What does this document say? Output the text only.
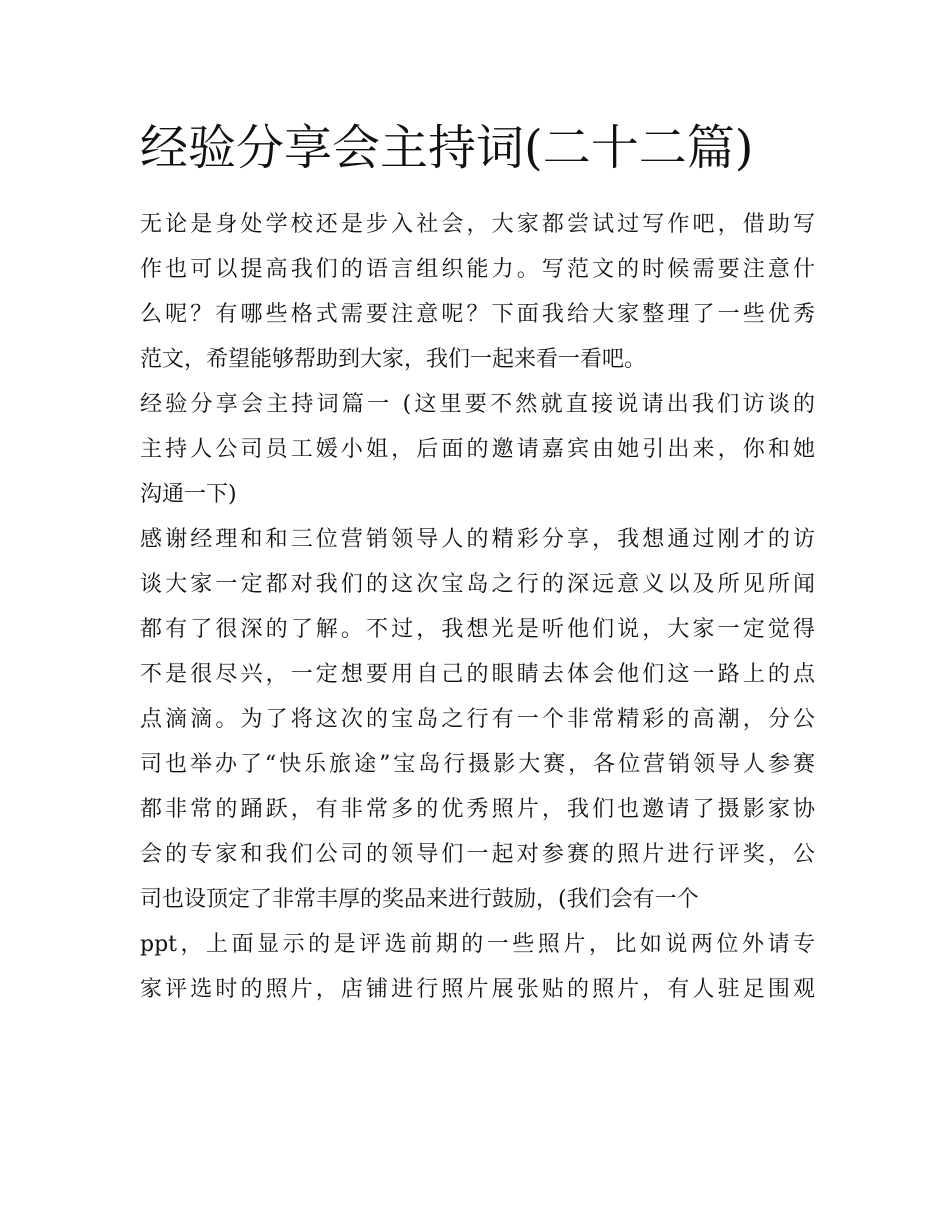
经验分享会主持词(二十二篇)
无论是身处学校还是步入社会，大家都尝试过写作吧，借助写
作也可以提高我们的语言组织能力。写范文的时候需要注意什
么呢？有哪些格式需要注意呢？下面我给大家整理了一些优秀
范文，希望能够帮助到大家，我们一起来看一看吧。
经验分享会主持词篇一 (这里要不然就直接说请出我们访谈的
主持人公司员工媛小姐，后面的邀请嘉宾由她引出来，你和她
沟通一下)
感谢经理和和三位营销领导人的精彩分享，我想通过刚才的访
谈大家一定都对我们的这次宝岛之行的深远意义以及所见所闻
都有了很深的了解。不过，我想光是听他们说，大家一定觉得
不是很尽兴，一定想要用自己的眼睛去体会他们这一路上的点
点滴滴。为了将这次的宝岛之行有一个非常精彩的高潮，分公
司也举办了“快乐旅途”宝岛行摄影大赛，各位营销领导人参赛
都非常的踊跃，有非常多的优秀照片，我们也邀请了摄影家协
会的专家和我们公司的领导们一起对参赛的照片进行评奖，公
司也设顶定了非常丰厚的奖品来进行鼓励，(我们会有一个
ppt，上面显示的是评选前期的一些照片，比如说两位外请专
家评选时的照片，店铺进行照片展张贴的照片，有人驻足围观
